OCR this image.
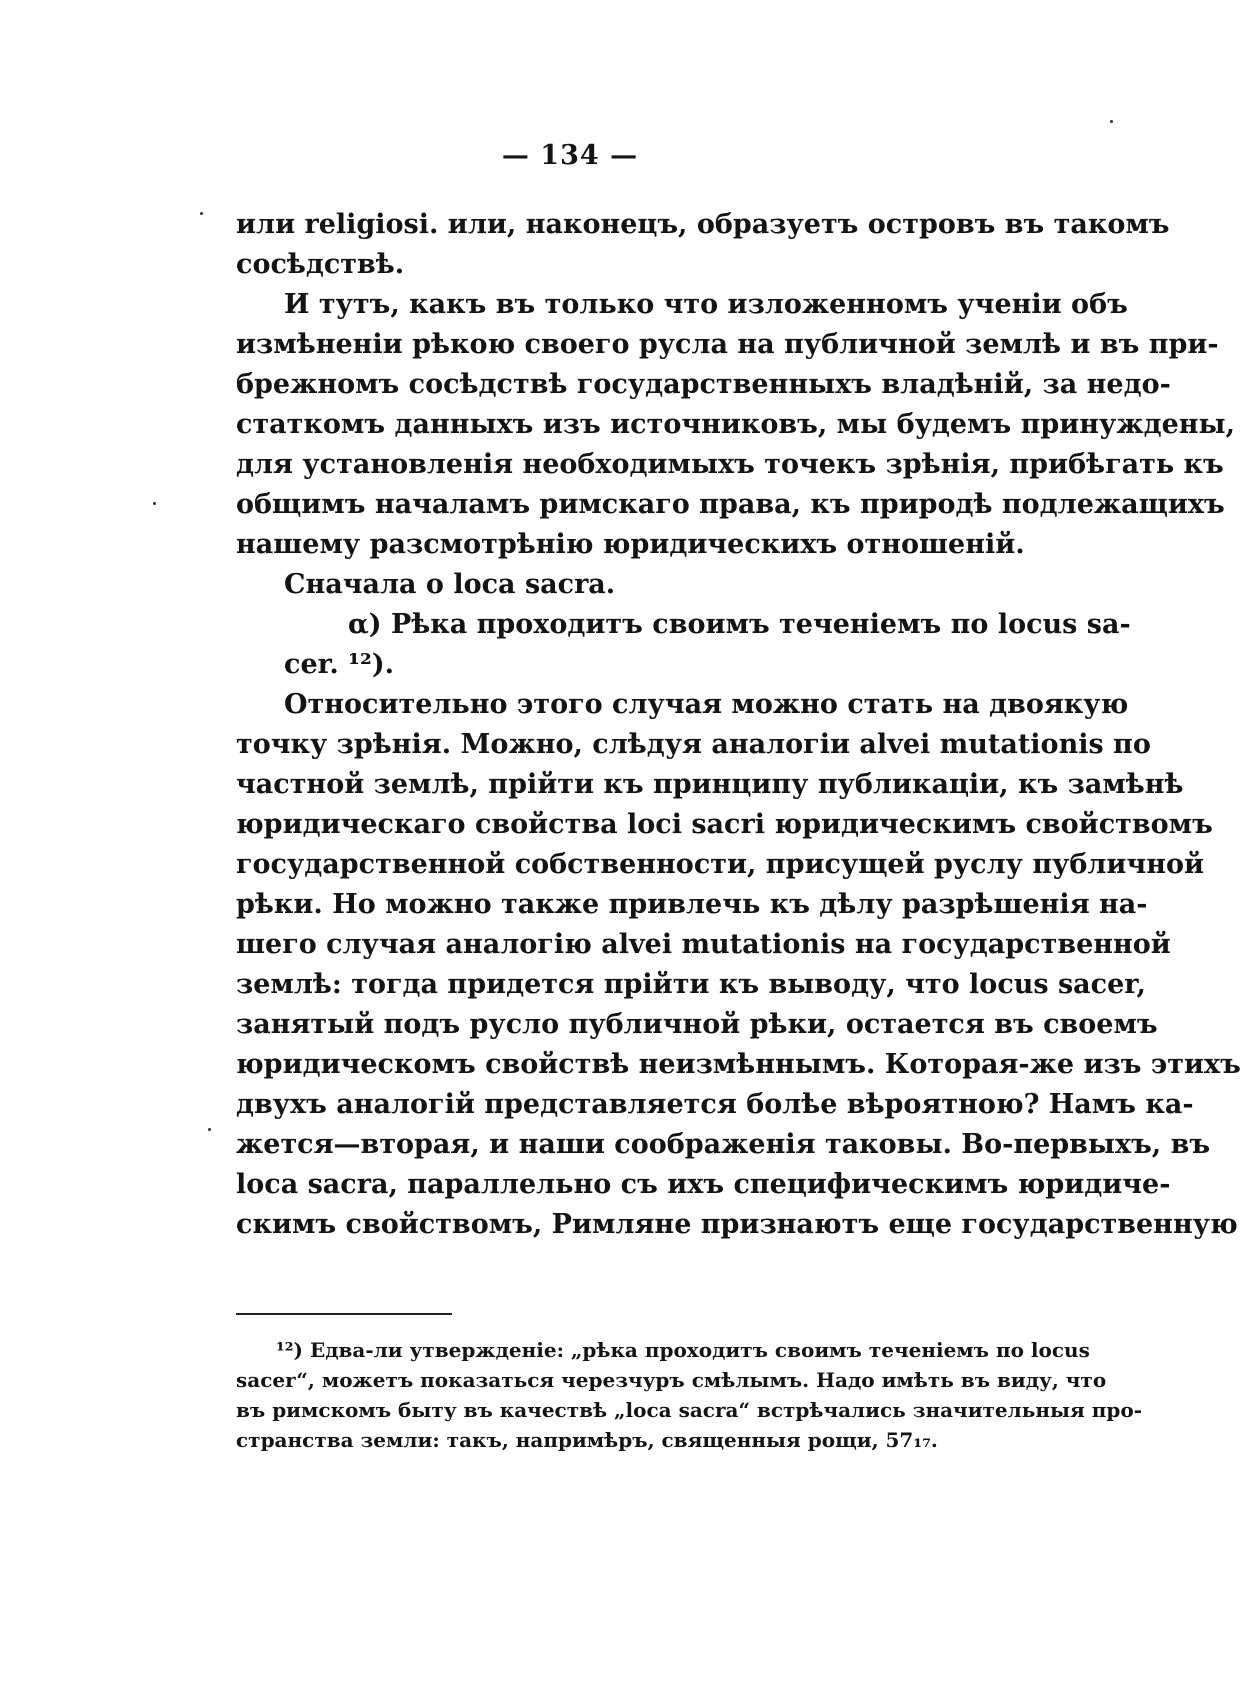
— 134 —
или religiosi. или, наконецъ, образуетъ островъ въ такомъ
сосѣдствѣ.
И тутъ, какъ въ только что изложенномъ ученіи объ
измѣненіи рѣкою своего русла на публичной землѣ и въ при-
брежномъ сосѣдствѣ государственныхъ владѣній, за недо-
статкомъ данныхъ изъ источниковъ, мы будемъ принуждены,
для установленія необходимыхъ точекъ зрѣнія, прибѣгать къ
общимъ началамъ римскаго права, къ природѣ подлежащихъ
нашему разсмотрѣнію юридическихъ отношеній.
Сначала о loca sacra.
α) Рѣка проходитъ своимъ теченіемъ по locus sa-
cer. ¹²).
Относительно этого случая можно стать на двоякую
точку зрѣнія. Можно, слѣдуя аналогіи alvei mutationis по
частной землѣ, прійти къ принципу публикаціи, къ замѣнѣ
юридическаго свойства loci sacri юридическимъ свойствомъ
государственной собственности, присущей руслу публичной
рѣки. Но можно также привлечь къ дѣлу разрѣшенія на-
шего случая аналогію alvei mutationis на государственной
землѣ: тогда придется прійти къ выводу, что locus sacer,
занятый подъ русло публичной рѣки, остается въ своемъ
юридическомъ свойствѣ неизмѣннымъ. Которая-же изъ этихъ
двухъ аналогій представляется болѣе вѣроятною? Намъ ка-
жется—вторая, и наши соображенія таковы. Во-первыхъ, въ
loca sacra, параллельно съ ихъ специфическимъ юридиче-
скимъ свойствомъ, Римляне признаютъ еще государственную
¹²) Едва-ли утвержденіе: „рѣка проходитъ своимъ теченіемъ по locus
sacer“, можетъ показаться черезчуръ смѣлымъ. Надо имѣть въ виду, что
въ римскомъ быту въ качествѣ „loca sacra“ встрѣчались значительныя про-
странства земли: такъ, напримѣръ, священныя рощи, 57₁₇.
